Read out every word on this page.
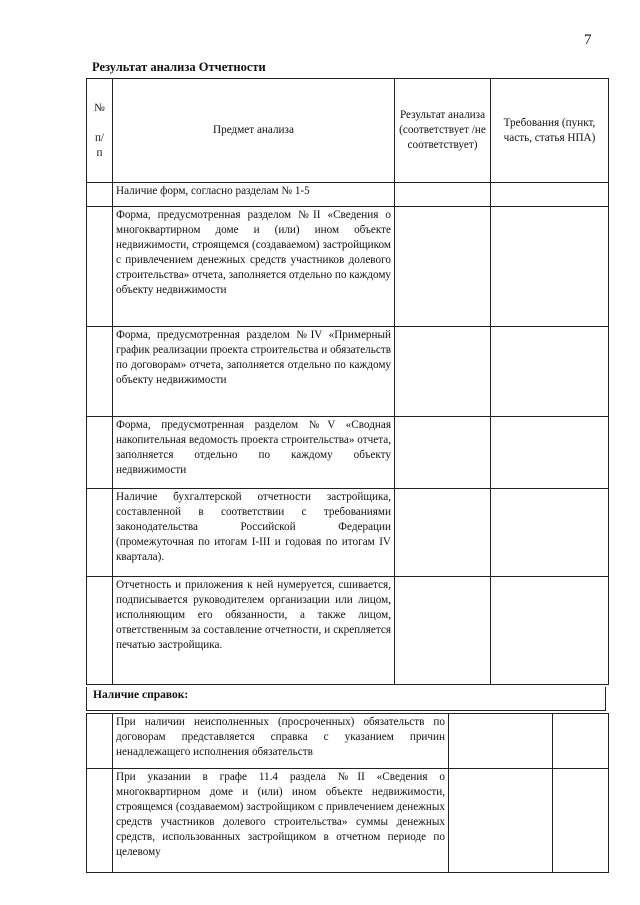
7
Результат анализа Отчетности
№

п/
п	Предмет анализа	Результат анализа (соответствует /не соответствует)	Требования (пункт, часть, статья НПА)
	Наличие форм, согласно разделам № 1-5		
	Форма, предусмотренная разделом №II «Сведения о многоквартирном доме и (или) ином объекте недвижимости, строящемся (создаваемом) застройщиком с привлечением денежных средств участников долевого строительства» отчета, заполняется отдельно по каждому объекту недвижимости		
	Форма, предусмотренная разделом №IV «Примерный график реализации проекта строительства и обязательств по договорам» отчета, заполняется отдельно по каждому объекту недвижимости		
	Форма, предусмотренная разделом №V «Сводная накопительная ведомость проекта строительства» отчета, заполняется отдельно по каждому объекту недвижимости		
	Наличие бухгалтерской отчетности застройщика, составленной в соответствии с требованиями законодательства Российской Федерации (промежуточная по итогам I-III и годовая по итогам IV квартала).		
	Отчетность и приложения к ней нумеруется, сшивается, подписывается руководителем организации или лицом, исполняющим его обязанности, а также лицом, ответственным за составление отчетности, и скрепляется печатью застройщика.		
Наличие справок:
	При наличии неисполненных (просроченных) обязательств по договорам представляется справка с указанием причин ненадлежащего исполнения обязательств		
	При указании в графе 11.4 раздела №II «Сведения о многоквартирном доме и (или) ином объекте недвижимости, строящемся (создаваемом) застройщиком с привлечением денежных средств участников долевого строительства» суммы денежных средств, использованных застройщиком в отчетном периоде по целевому		
